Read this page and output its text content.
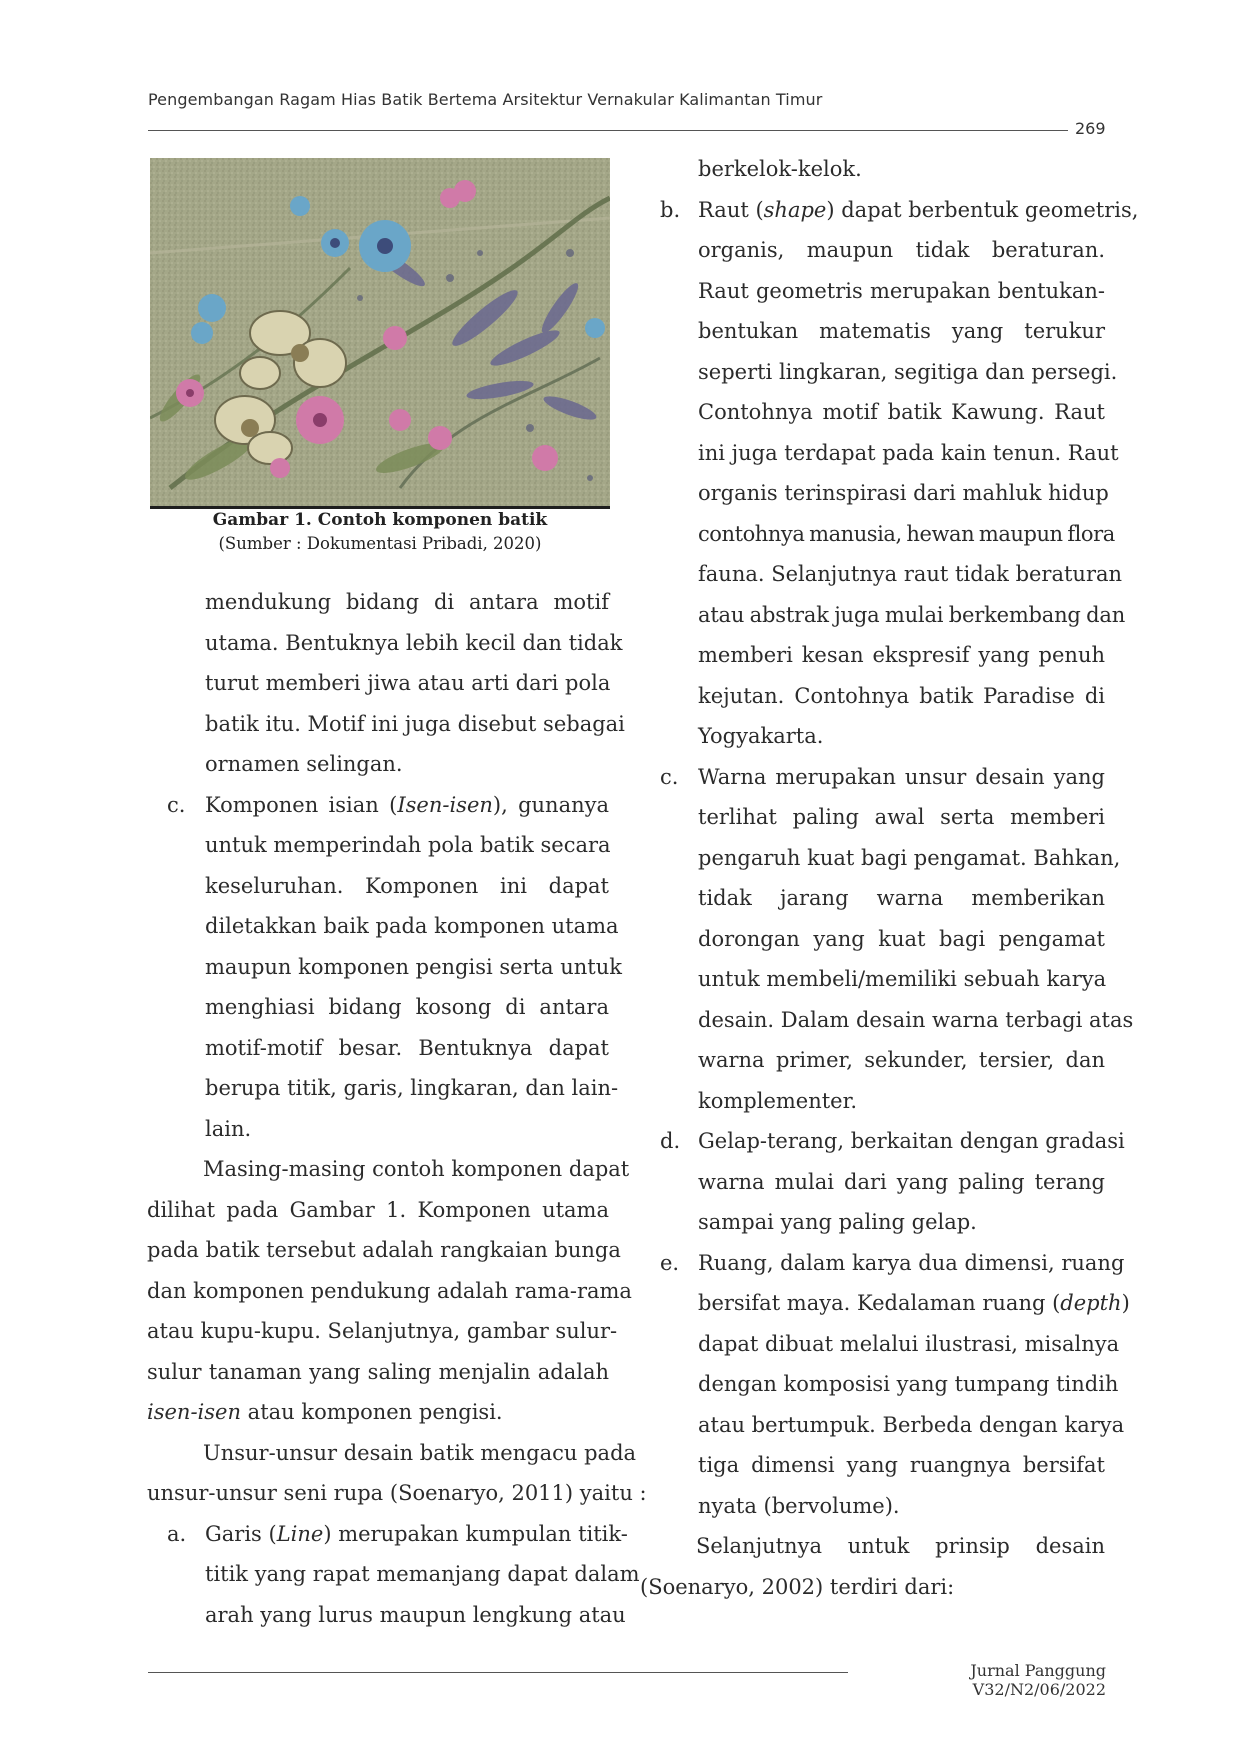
Pengembangan Ragam Hias Batik Bertema Arsitektur Vernakular Kalimantan Timur
269
Gambar 1. Contoh komponen batik
(Sumber : Dokumentasi Pribadi, 2020)
mendukung bidang di antara motif
utama. Bentuknya lebih kecil dan tidak
turut memberi jiwa atau arti dari pola
batik itu. Motif ini juga disebut sebagai
ornamen selingan.
c. Komponen isian (Isen-isen), gunanya
untuk memperindah pola batik secara
keseluruhan. Komponen ini dapat
diletakkan baik pada komponen utama
maupun komponen pengisi serta untuk
menghiasi bidang kosong di antara
motif-motif besar. Bentuknya dapat
berupa titik, garis, lingkaran, dan lain-
lain.
Masing-masing contoh komponen dapat
dilihat pada Gambar 1. Komponen utama
pada batik tersebut adalah rangkaian bunga
dan komponen pendukung adalah rama-rama
atau kupu-kupu. Selanjutnya, gambar sulur-
sulur tanaman yang saling menjalin adalah
isen-isen atau komponen pengisi.
Unsur-unsur desain batik mengacu pada
unsur-unsur seni rupa (Soenaryo, 2011) yaitu :
a. Garis (Line) merupakan kumpulan titik-
titik yang rapat memanjang dapat dalam
arah yang lurus maupun lengkung atau
berkelok-kelok.
b. Raut (shape) dapat berbentuk geometris,
organis, maupun tidak beraturan.
Raut geometris merupakan bentukan-
bentukan matematis yang terukur
seperti lingkaran, segitiga dan persegi.
Contohnya motif batik Kawung. Raut
ini juga terdapat pada kain tenun. Raut
organis terinspirasi dari mahluk hidup
contohnya manusia, hewan maupun flora
fauna. Selanjutnya raut tidak beraturan
atau abstrak juga mulai berkembang dan
memberi kesan ekspresif yang penuh
kejutan. Contohnya batik Paradise di
Yogyakarta.
c. Warna merupakan unsur desain yang
terlihat paling awal serta memberi
pengaruh kuat bagi pengamat. Bahkan,
tidak jarang warna memberikan
dorongan yang kuat bagi pengamat
untuk membeli/memiliki sebuah karya
desain. Dalam desain warna terbagi atas
warna primer, sekunder, tersier, dan
komplementer.
d. Gelap-terang, berkaitan dengan gradasi
warna mulai dari yang paling terang
sampai yang paling gelap.
e. Ruang, dalam karya dua dimensi, ruang
bersifat maya. Kedalaman ruang (depth)
dapat dibuat melalui ilustrasi, misalnya
dengan komposisi yang tumpang tindih
atau bertumpuk. Berbeda dengan karya
tiga dimensi yang ruangnya bersifat
nyata (bervolume).
Selanjutnya untuk prinsip desain
(Soenaryo, 2002) terdiri dari:
Jurnal Panggung V32/N2/06/2022
